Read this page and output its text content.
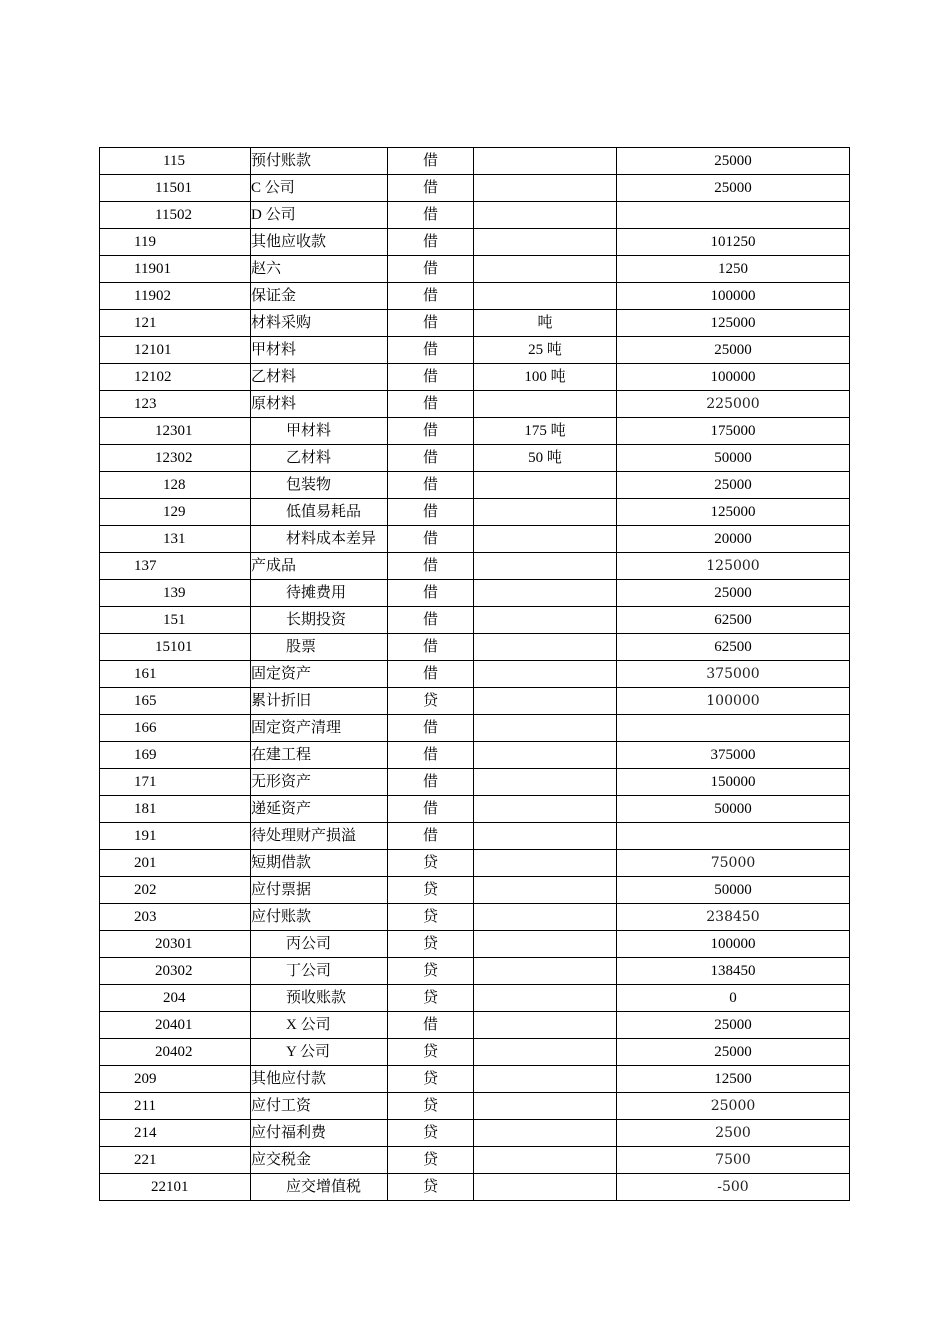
115	预付账款	借		25000
11501	C 公司	借		25000
11502	D 公司	借		
119	其他应收款	借		101250
11901	赵六	借		1250
11902	保证金	借		100000
121	材料采购	借	吨	125000
12101	甲材料	借	25 吨	25000
12102	乙材料	借	100 吨	100000
123	原材料	借		225000
12301	甲材料	借	175 吨	175000
12302	乙材料	借	50 吨	50000
128	包装物	借		25000
129	低值易耗品	借		125000
131	材料成本差异	借		20000
137	产成品	借		125000
139	待摊费用	借		25000
151	长期投资	借		62500
15101	股票	借		62500
161	固定资产	借		375000
165	累计折旧	贷		100000
166	固定资产清理	借		
169	在建工程	借		375000
171	无形资产	借		150000
181	递延资产	借		50000
191	待处理财产损溢	借		
201	短期借款	贷		75000
202	应付票据	贷		50000
203	应付账款	贷		238450
20301	丙公司	贷		100000
20302	丁公司	贷		138450
204	预收账款	贷		0
20401	X 公司	借		25000
20402	Y 公司	贷		25000
209	其他应付款	贷		12500
211	应付工资	贷		25000
214	应付福利费	贷		2500
221	应交税金	贷		7500
22101	应交增值税	贷		-500
